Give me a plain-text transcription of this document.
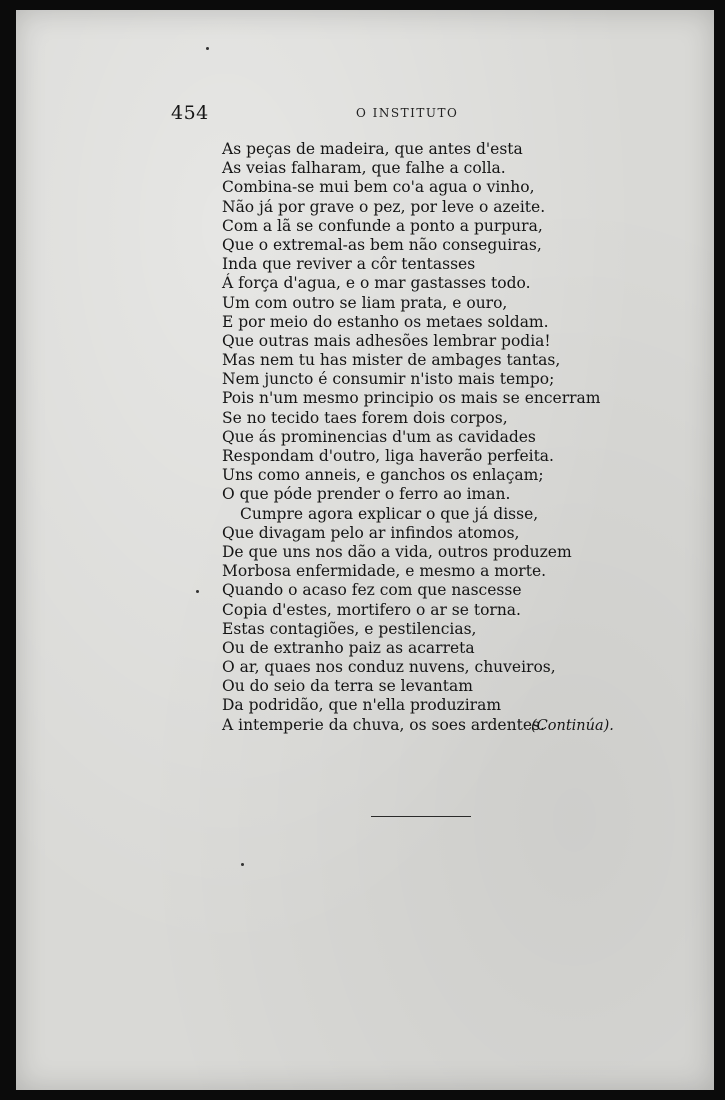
454	O INSTITUTO
As peças de madeira, que antes d'esta
As veias falharam, que falhe a colla.
Combina-se mui bem co'a agua o vinho,
Não já por grave o pez, por leve o azeite.
Com a lã se confunde a ponto a purpura,
Que o extremal-as bem não conseguiras,
Inda que reviver a côr tentasses
Á força d'agua, e o mar gastasses todo.
Um com outro se liam prata, e ouro,
E por meio do estanho os metaes soldam.
Que outras mais adhesões lembrar podia!
Mas nem tu has mister de ambages tantas,
Nem juncto é consumir n'isto mais tempo;
Pois n'um mesmo principio os mais se encerram
Se no tecido taes forem dois corpos,
Que ás prominencias d'um as cavidades
Respondam d'outro, liga haverão perfeita.
Uns como anneis, e ganchos os enlaçam;
O que póde prender o ferro ao iman.
Cumpre agora explicar o que já disse,
Que divagam pelo ar infindos atomos,
De que uns nos dão a vida, outros produzem
Morbosa enfermidade, e mesmo a morte.
Quando o acaso fez com que nascesse
Copia d'estes, mortifero o ar se torna.
Estas contagiões, e pestilencias,
Ou de extranho paiz as acarreta
O ar, quaes nos conduz nuvens, chuveiros,
Ou do seio da terra se levantam
Da podridão, que n'ella produziram
A intemperie da chuva, os soes ardentes.
(Continúa).
